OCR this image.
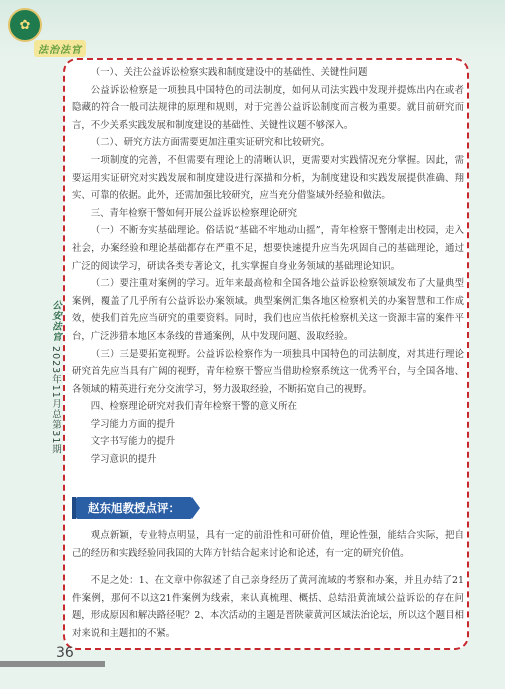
✿
法治法官
公安法官 2023年11月总第31期

（一）、关注公益诉讼检察实践和制度建设中的基础性、关键性问题

公益诉讼检察是一项独具中国特色的司法制度，如何从司法实践中发现并提炼出内在或者隐藏的符合一般司法规律的原理和规则，对于完善公益诉讼制度而言极为重要。就目前研究而言，不少关系实践发展和制度建设的基础性、关键性议题不够深入。

（二）、研究方法方面需要更加注重实证研究和比较研究。

一项制度的完善，不但需要有理论上的清晰认识，更需要对实践情况充分掌握。因此，需要运用实证研究对实践发展和制度建设进行深描和分析，为制度建设和实践发展提供准确、翔实、可靠的依据。此外，还需加强比较研究，应当充分借鉴域外经验和做法。

三、青年检察干警如何开展公益诉讼检察理论研究

（一）不断夯实基础理论。俗话说“基础不牢地动山摇”，青年检察干警刚走出校园，走入社会，办案经验和理论基础都存在严重不足，想要快速提升应当先巩固自己的基础理论，通过广泛的阅读学习，研读各类专著论文，扎实掌握自身业务领域的基础理论知识。

（二）要注重对案例的学习。近年来最高检和全国各地公益诉讼检察领域发布了大量典型案例，覆盖了几乎所有公益诉讼办案领域。典型案例汇集各地区检察机关的办案智慧和工作成效，使我们首先应当研究的重要资料。同时，我们也应当依托检察机关这一资源丰富的案件平台，广泛涉猎本地区本条线的普通案例，从中发现问题、汲取经验。

（三）三是要拓宽视野。公益诉讼检察作为一项独具中国特色的司法制度，对其进行理论研究首先应当具有广阔的视野，青年检察干警应当借助检察系统这一优秀平台，与全国各地、各领域的精英进行充分交流学习，努力汲取经验，不断拓宽自己的视野。

四、检察理论研究对我们青年检察干警的意义所在

学习能力方面的提升

文字书写能力的提升

学习意识的提升

赵东旭教授点评：

观点新颖，专业特点明显，具有一定的前沿性和可研价值，理论性强，能结合实际，把自己的经历和实践经验同我国的大阵方针结合起来讨论和论述，有一定的研究价值。

不足之处：1、在文章中你叙述了自己亲身经历了黄河流域的考察和办案，并且办结了21件案例，那何不以这21件案例为线索，来认真梳理、概括、总结沿黄流域公益诉讼的存在问题，形成原因和解决路径呢？2、本次活动的主题是晋陕蒙黄河区域法治论坛，所以这个题目相对来说和主题扣的不紧。

36
